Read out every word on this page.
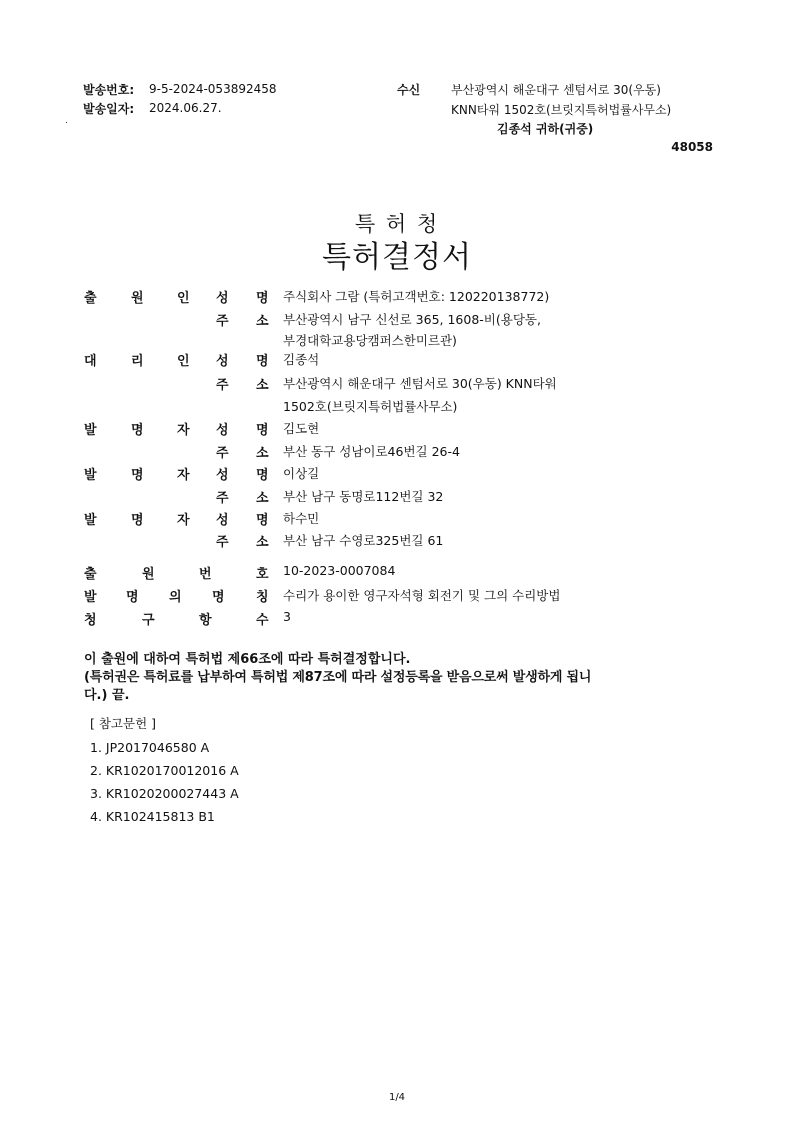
발송번호: 9-5-2024-053892458
발송일자: 2024.06.27.
수신	부산광역시 해운대구 센텀서로 30(우동)
KNN타워 1502호(브릿지특허법률사무소)
김종석 귀하(귀중)
48058
특 허 청
특허결정서
출	원	인 성 명 주식회사 그람 (특허고객번호: 120220138772)
주 소 부산광역시 남구 신선로 365, 1608-비(용당동,
부경대학교용당캠퍼스한미르관)
대	리	인 성 명 김종석
주 소 부산광역시 해운대구 센텀서로 30(우동) KNN타워
1502호(브릿지특허법률사무소)
발	명	자 성 명 김도현
주 소 부산 동구 성남이로46번길 26-4
발	명	자 성 명 이상길
주 소 부산 남구 동명로112번길 32
발	명	자 성 명 하수민
주 소 부산 남구 수영로325번길 61
출	원	번	호 10-2023-0007084
발 명 의 명 칭 수리가 용이한 영구자석형 회전기 및 그의 수리방법
청	구	항	수 3
이 출원에 대하여 특허법 제66조에 따라 특허결정합니다.
(특허권은 특허료를 납부하여 특허법 제87조에 따라 설정등록을 받음으로써 발생하게 됩니
다.) 끝.
[ 참고문헌 ]
1. JP2017046580 A
2. KR1020170012016 A
3. KR1020200027443 A
4. KR102415813 B1
1/4
